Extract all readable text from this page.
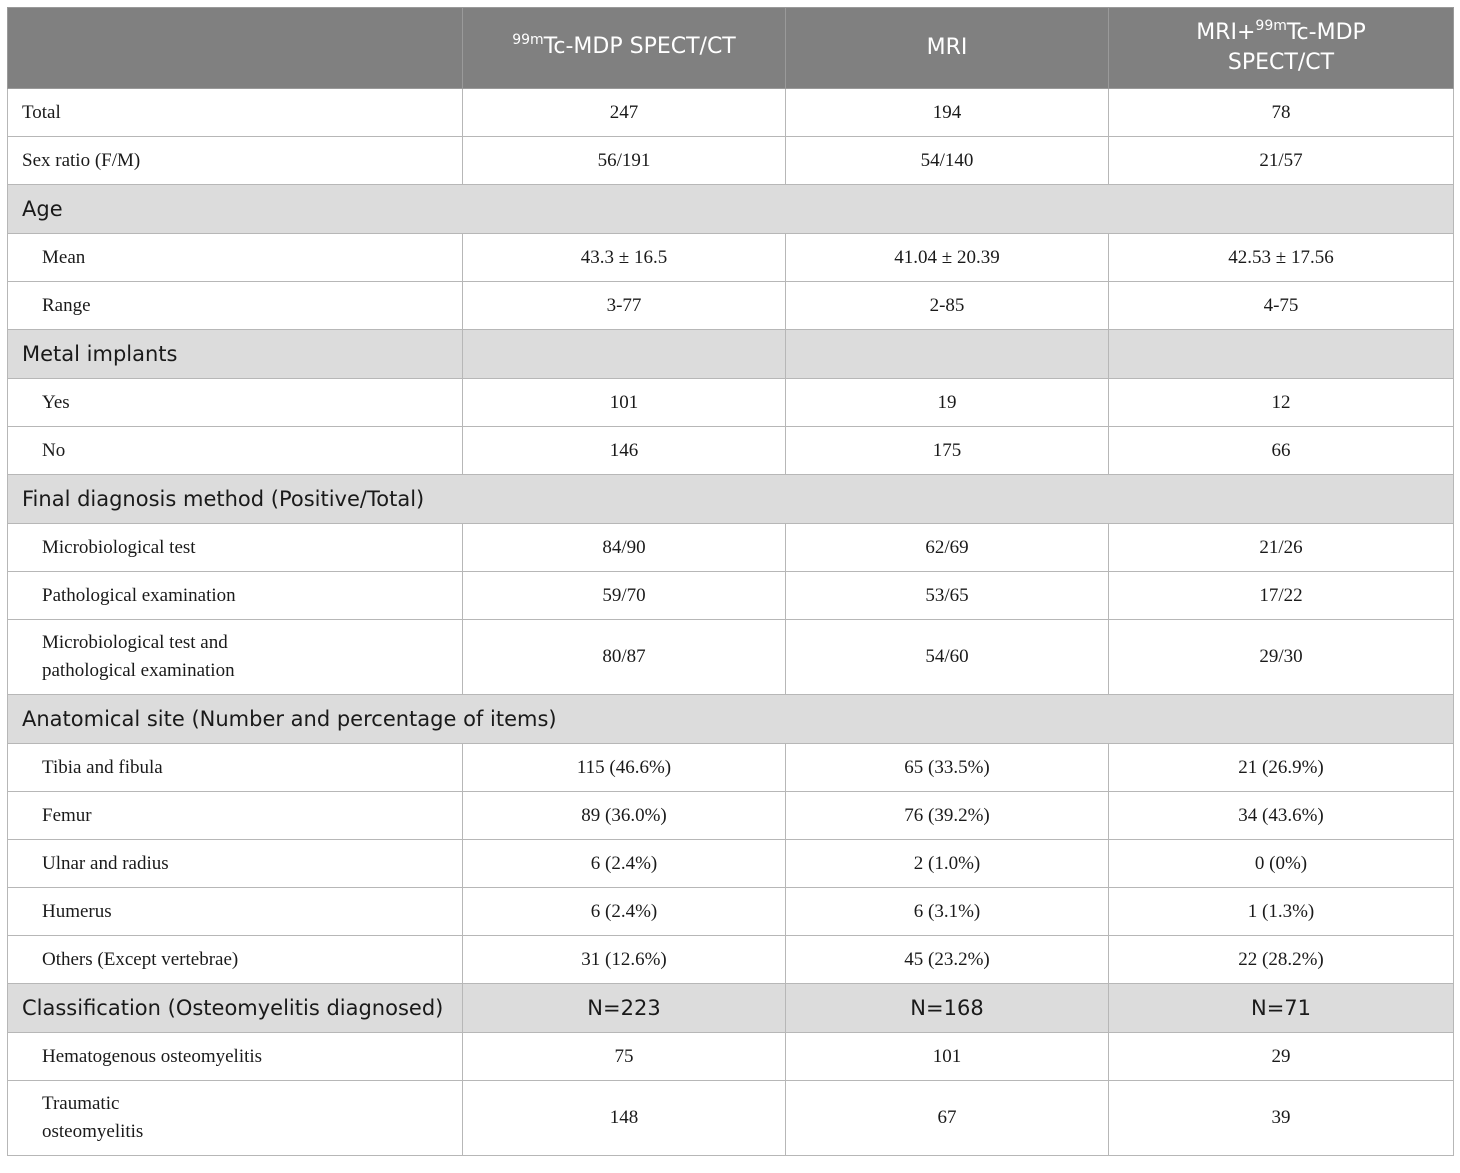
	$^{99m}$Tc-MDP SPECT/CT	MRI	MRI+$^{99m}$Tc-MDP
SPECT/CT

Total	247	194	78
Sex ratio (F/M)	56/191	54/140	21/57
Age			
Mean	43.3 ± 16.5	41.04 ± 20.39	42.53 ± 17.56
Range	3-77	2-85	4-75
Metal implants			
Yes	101	19	12
No	146	175	66
Final diagnosis method (Positive/Total)			
Microbiological test	84/90	62/69	21/26
Pathological examination	59/70	53/65	17/22

Microbiological test and
pathological examination	80/87	54/60	29/30
Anatomical site (Number and percentage of items)			
Tibia and fibula	115 (46.6%)	65 (33.5%)	21 (26.9%)
Femur	89 (36.0%)	76 (39.2%)	34 (43.6%)
Ulnar and radius	6 (2.4%)	2 (1.0%)	0 (0%)
Humerus	6 (2.4%)	6 (3.1%)	1 (1.3%)
Others (Except vertebrae)	31 (12.6%)	45 (23.2%)	22 (28.2%)
Classification (Osteomyelitis diagnosed)	N=223	N=168	N=71
Hematogenous osteomyelitis	75	101	29

Traumatic
osteomyelitis	148	67	39
